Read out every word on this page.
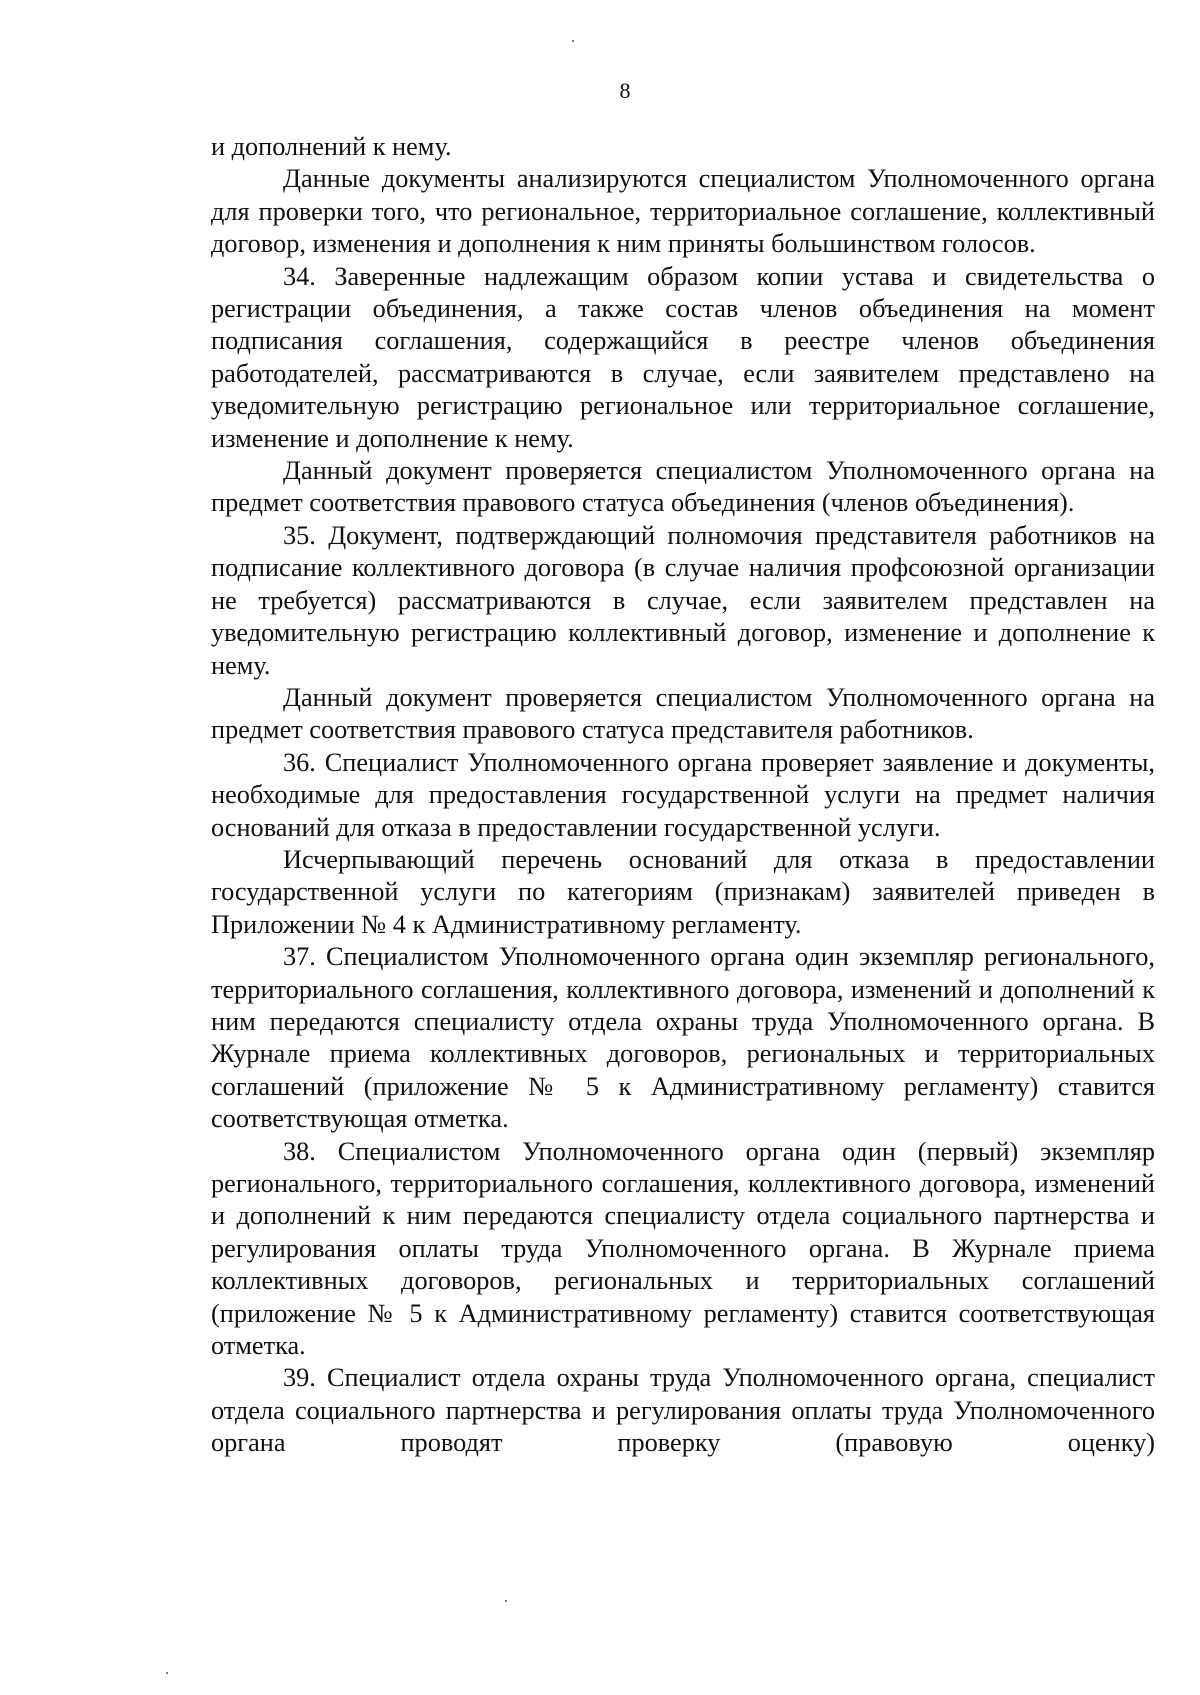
8

и дополнений к нему.

Данные документы анализируются специалистом Уполномоченного органа для проверки того, что региональное, территориальное соглашение, коллективный договор, изменения и дополнения к ним приняты большинством голосов.

34. Заверенные надлежащим образом копии устава и свидетельства о регистрации объединения, а также состав членов объединения на момент подписания соглашения, содержащийся в реестре членов объединения работодателей, рассматриваются в случае, если заявителем представлено на уведомительную регистрацию региональное или территориальное соглашение, изменение и дополнение к нему.

Данный документ проверяется специалистом Уполномоченного органа на предмет соответствия правового статуса объединения (членов объединения).

35. Документ, подтверждающий полномочия представителя работников на подписание коллективного договора (в случае наличия профсоюзной организации не требуется) рассматриваются в случае, если заявителем представлен на уведомительную регистрацию коллективный договор, изменение и дополнение к нему.

Данный документ проверяется специалистом Уполномоченного органа на предмет соответствия правового статуса представителя работников.

36. Специалист Уполномоченного органа проверяет заявление и документы, необходимые для предоставления государственной услуги на предмет наличия оснований для отказа в предоставлении государственной услуги.

Исчерпывающий перечень оснований для отказа в предоставлении государственной услуги по категориям (признакам) заявителей приведен в Приложении № 4 к Административному регламенту.

37. Специалистом Уполномоченного органа один экземпляр регионального, территориального соглашения, коллективного договора, изменений и дополнений к ним передаются специалисту отдела охраны труда Уполномоченного органа. В Журнале приема коллективных договоров, региональных и территориальных соглашений (приложение № 5 к Административному регламенту) ставится соответствующая отметка.

38. Специалистом Уполномоченного органа один (первый) экземпляр регионального, территориального соглашения, коллективного договора, изменений и дополнений к ним передаются специалисту отдела социального партнерства и регулирования оплаты труда Уполномоченного органа. В Журнале приема коллективных договоров, региональных и территориальных соглашений (приложение № 5 к Административному регламенту) ставится соответствующая отметка.

39. Специалист отдела охраны труда Уполномоченного органа, специалист отдела социального партнерства и регулирования оплаты труда Уполномоченного органа проводят проверку (правовую оценку)
